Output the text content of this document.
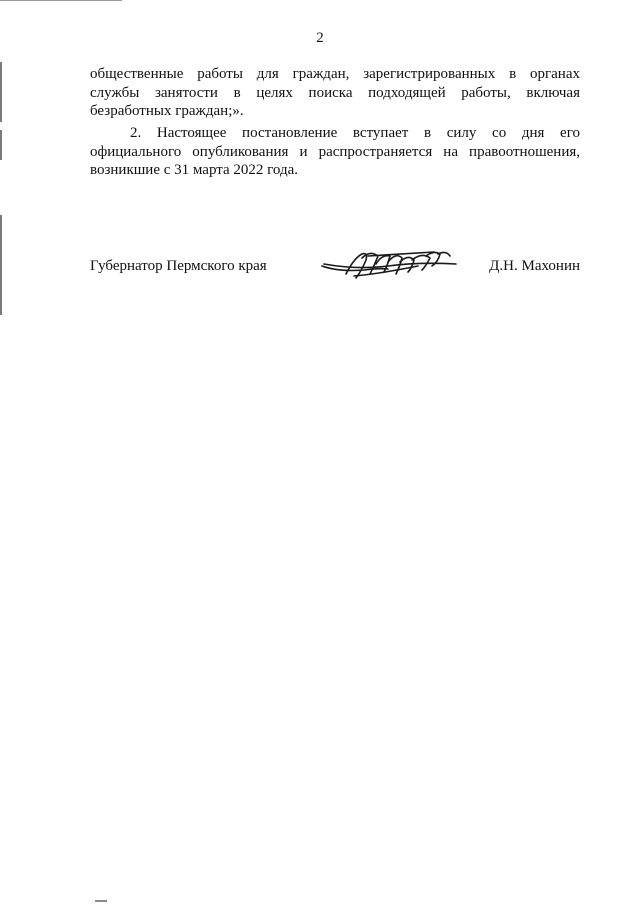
2
общественные работы для граждан, зарегистрированных в органах
службы занятости в целях поиска подходящей работы, включая
безработных граждан;».
2. Настоящее постановление вступает в силу со дня его
официального опубликования и распространяется на правоотношения,
возникшие с 31 марта 2022 года.
Губернатор Пермского края	Д.Н. Махонин
